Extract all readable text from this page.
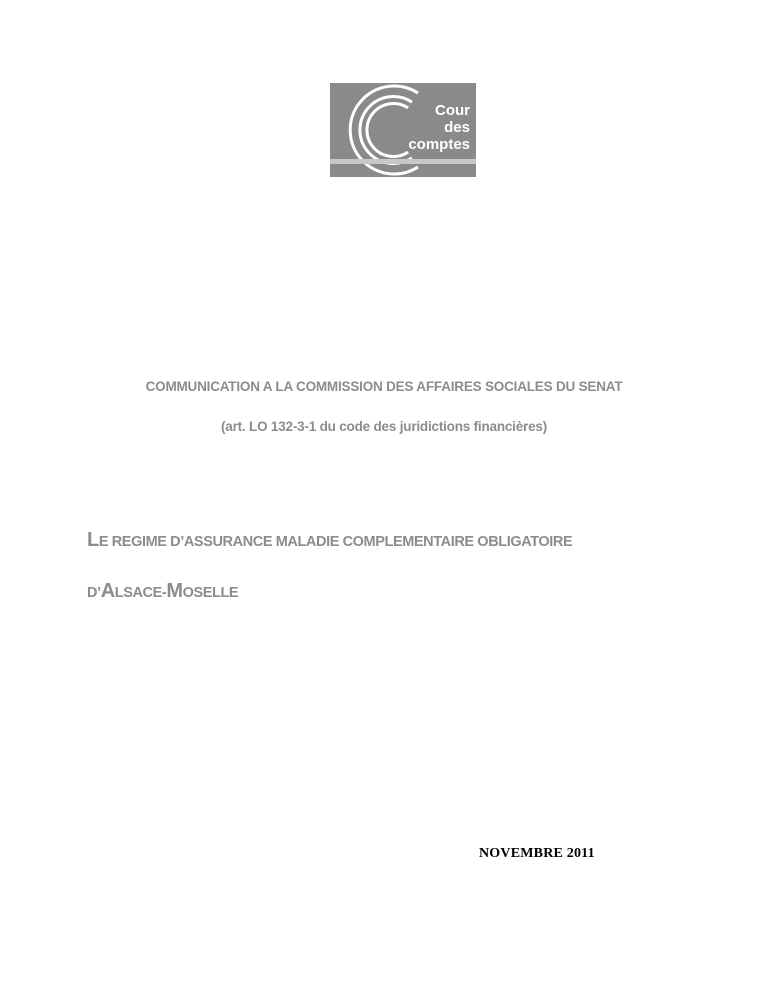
Cour
des
comptes
COMMUNICATION A LA COMMISSION DES AFFAIRES SOCIALES DU SENAT
(art. LO 132-3-1 du code des juridictions financières)
LE REGIME D’ASSURANCE MALADIE COMPLEMENTAIRE OBLIGATOIRE
D’ALSACE-MOSELLE
NOVEMBRE 2011
